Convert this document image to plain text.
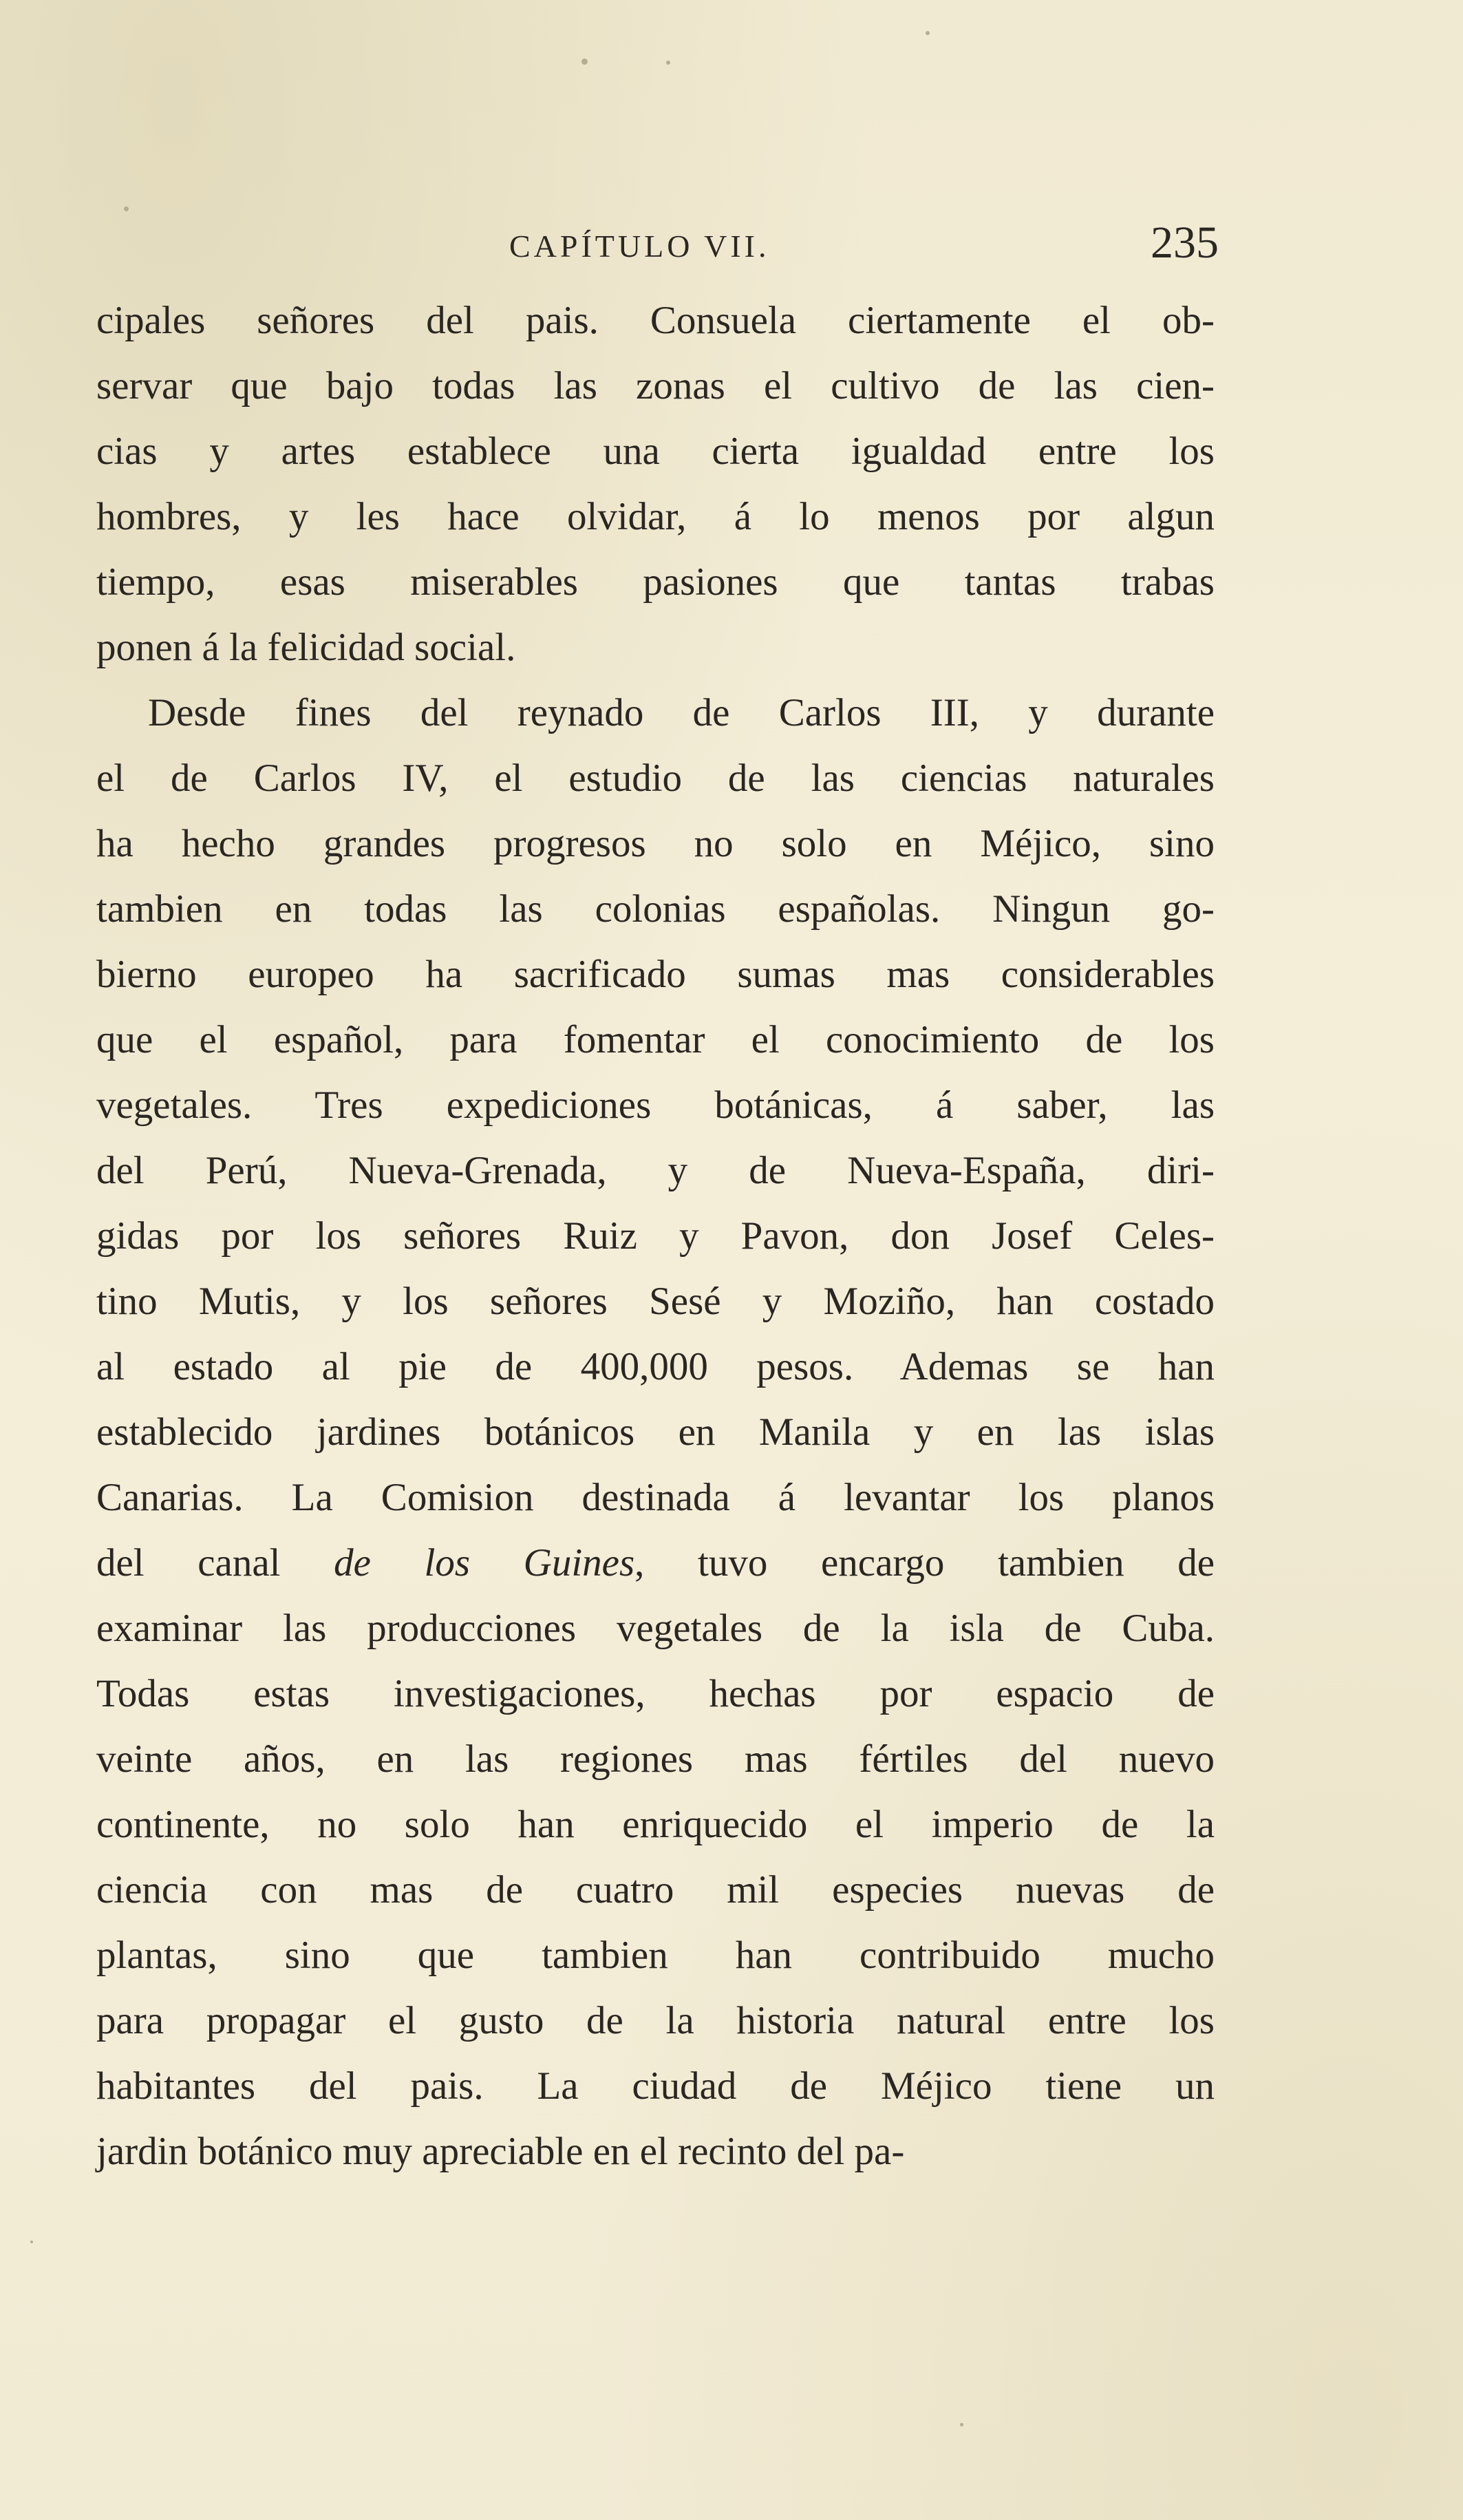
CAPÍTULO VII.	235
cipales señores del pais. Consuela ciertamente el ob-
servar que bajo todas las zonas el cultivo de las cien-
cias y artes establece una cierta igualdad entre los
hombres, y les hace olvidar, á lo menos por algun
tiempo, esas miserables pasiones que tantas trabas
ponen á la felicidad social.
Desde fines del reynado de Carlos III, y durante
el de Carlos IV, el estudio de las ciencias naturales
ha hecho grandes progresos no solo en Méjico, sino
tambien en todas las colonias españolas. Ningun go-
bierno europeo ha sacrificado sumas mas considerables
que el español, para fomentar el conocimiento de los
vegetales. Tres expediciones botánicas, á saber, las
del Perú, Nueva-Grenada, y de Nueva-España, diri-
gidas por los señores Ruiz y Pavon, don Josef Celes-
tino Mutis, y los señores Sesé y Moziño, han costado
al estado al pie de 400,000 pesos. Ademas se han
establecido jardines botánicos en Manila y en las islas
Canarias. La Comision destinada á levantar los planos
del canal de los Guines, tuvo encargo tambien de
examinar las producciones vegetales de la isla de Cuba.
Todas estas investigaciones, hechas por espacio de
veinte años, en las regiones mas fértiles del nuevo
continente, no solo han enriquecido el imperio de la
ciencia con mas de cuatro mil especies nuevas de
plantas, sino que tambien han contribuido mucho
para propagar el gusto de la historia natural entre los
habitantes del pais. La ciudad de Méjico tiene un
jardin botánico muy apreciable en el recinto del pa-
